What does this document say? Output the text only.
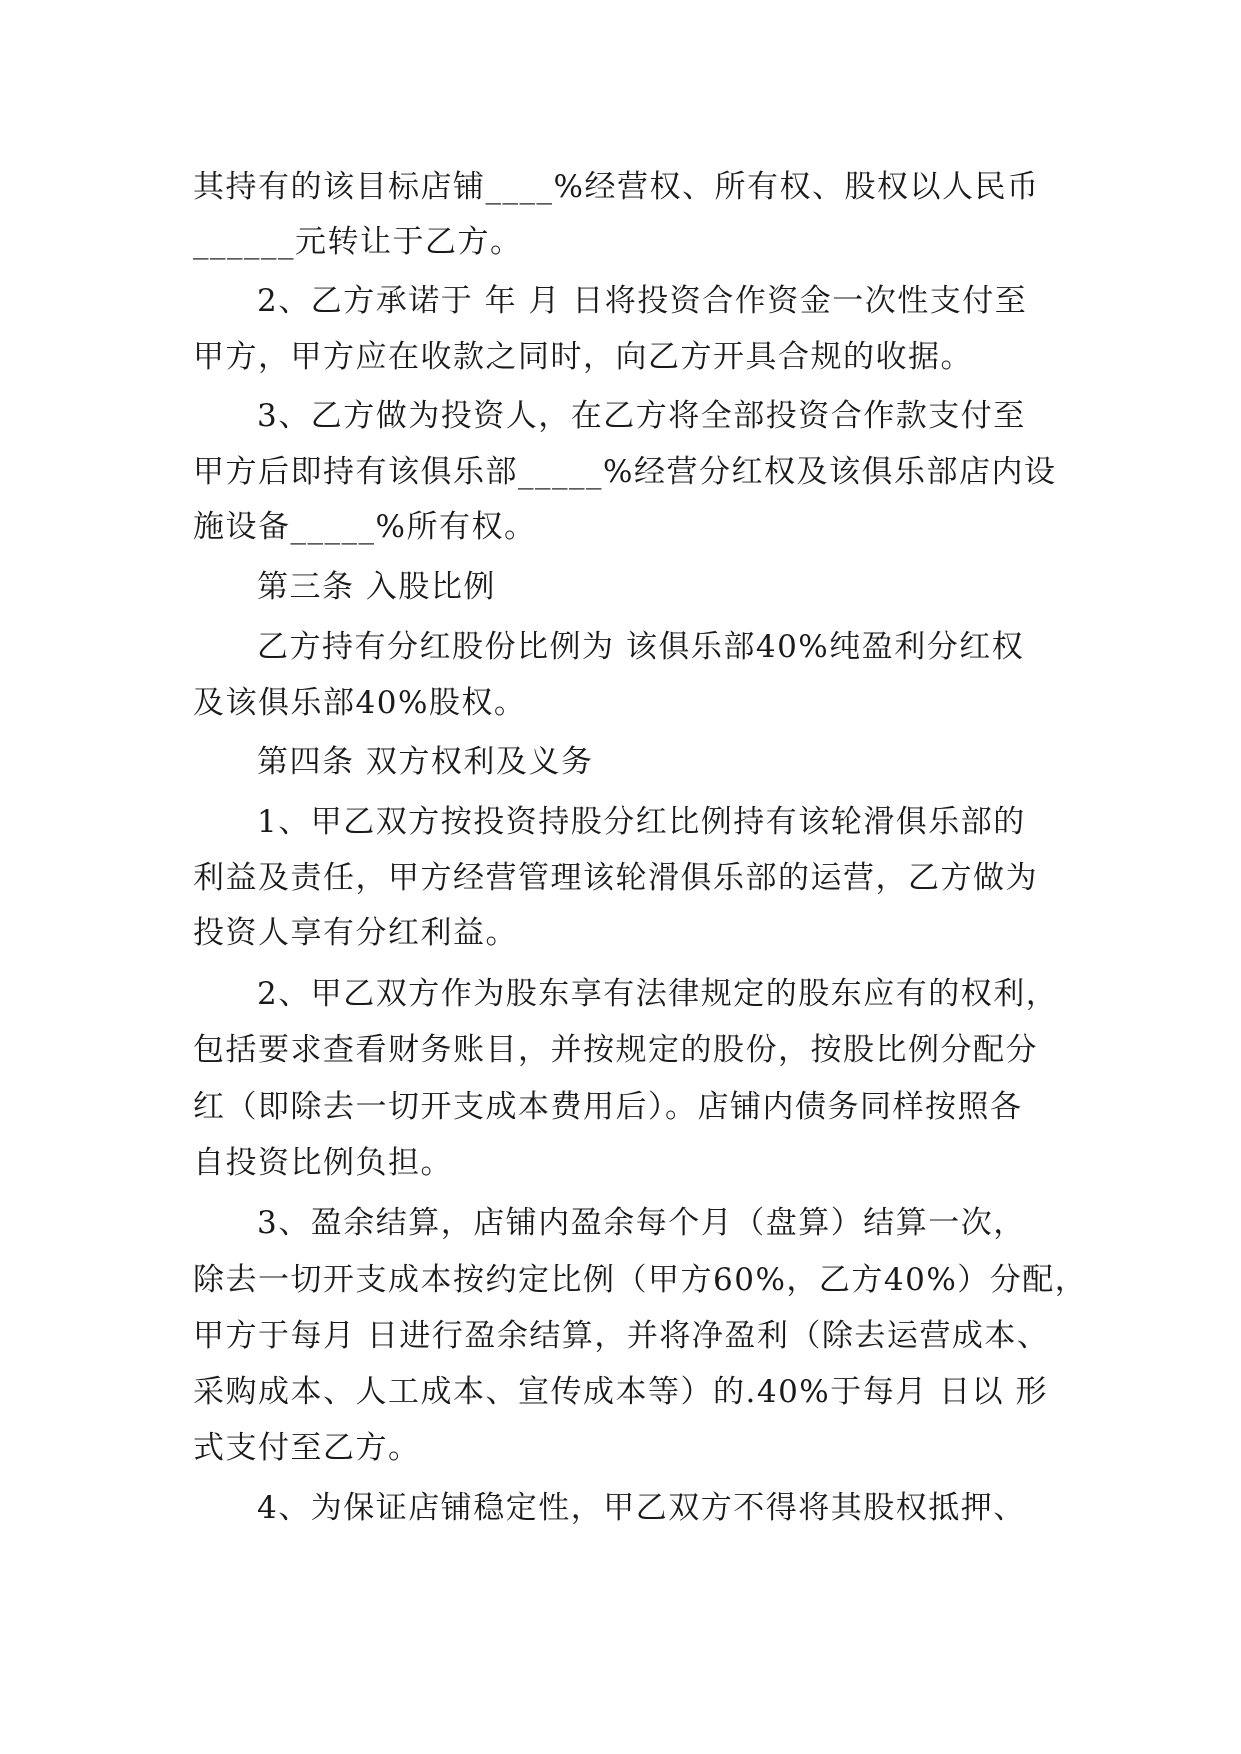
其持有的该目标店铺____%经营权、所有权、股权以人民币
______元转让于乙方。
2、乙方承诺于 年 月 日将投资合作资金一次性支付至
甲方，甲方应在收款之同时，向乙方开具合规的收据。
3、乙方做为投资人，在乙方将全部投资合作款支付至
甲方后即持有该俱乐部_____%经营分红权及该俱乐部店内设
施设备_____%所有权。
第三条 入股比例
乙方持有分红股份比例为 该俱乐部40%纯盈利分红权
及该俱乐部40%股权。
第四条 双方权利及义务
1、甲乙双方按投资持股分红比例持有该轮滑俱乐部的
利益及责任，甲方经营管理该轮滑俱乐部的运营，乙方做为
投资人享有分红利益。
2、甲乙双方作为股东享有法律规定的股东应有的权利，
包括要求查看财务账目，并按规定的股份，按股比例分配分
红（即除去一切开支成本费用后）。店铺内债务同样按照各
自投资比例负担。
3、盈余结算，店铺内盈余每个月（盘算）结算一次，
除去一切开支成本按约定比例（甲方60%，乙方40%）分配，
甲方于每月 日进行盈余结算，并将净盈利（除去运营成本、
采购成本、人工成本、宣传成本等）的.40%于每月 日以 形
式支付至乙方。
4、为保证店铺稳定性，甲乙双方不得将其股权抵押、
